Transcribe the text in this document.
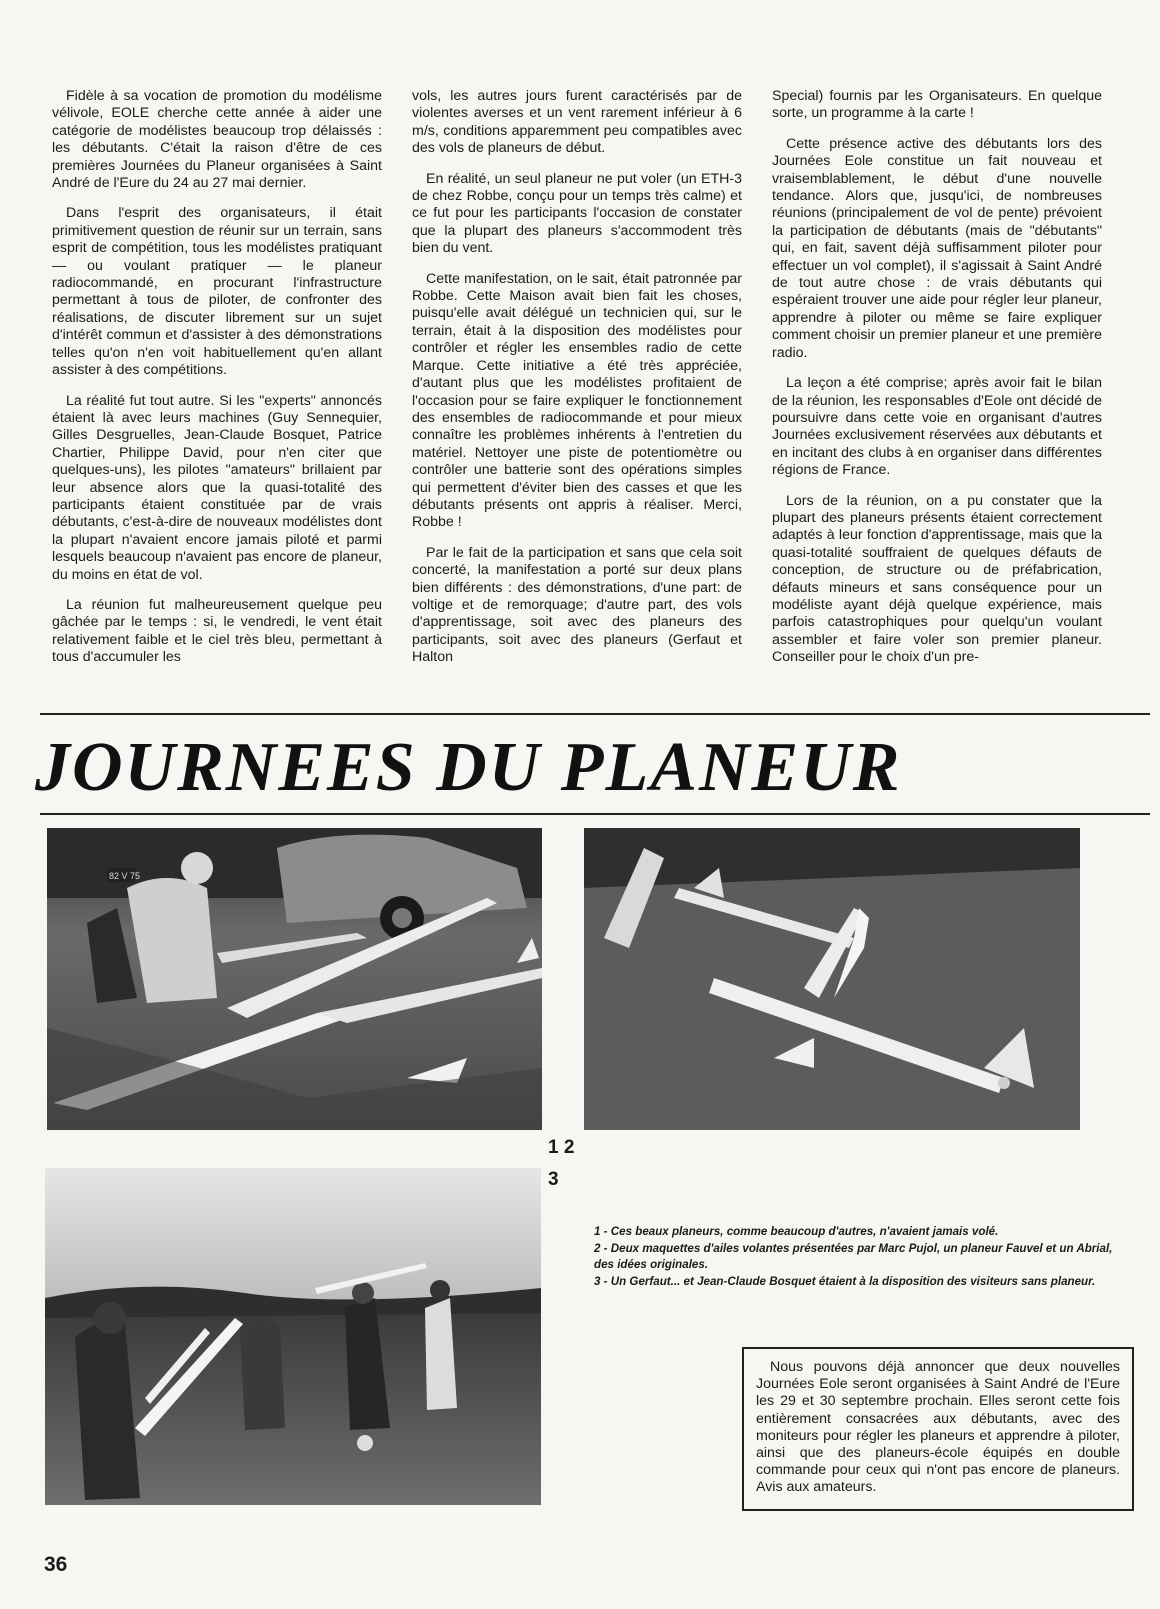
Fidèle à sa vocation de promotion du modélisme vélivole, EOLE cherche cette année à aider une catégorie de modélistes beaucoup trop délaissés : les débutants. C'était la raison d'être de ces premières Journées du Planeur organisées à Saint André de l'Eure du 24 au 27 mai dernier.

Dans l'esprit des organisateurs, il était primitivement question de réunir sur un terrain, sans esprit de compétition, tous les modélistes pratiquant — ou voulant pratiquer — le planeur radiocommandé, en procurant l'infrastructure permettant à tous de piloter, de confronter des réalisations, de discuter librement sur un sujet d'intérêt commun et d'assister à des démonstrations telles qu'on n'en voit habituellement qu'en allant assister à des compétitions.

La réalité fut tout autre. Si les "experts" annoncés étaient là avec leurs machines (Guy Sennequier, Gilles Desgruelles, Jean-Claude Bosquet, Patrice Chartier, Philippe David, pour n'en citer que quelques-uns), les pilotes "amateurs" brillaient par leur absence alors que la quasi-totalité des participants étaient constituée par de vrais débutants, c'est-à-dire de nouveaux modélistes dont la plupart n'avaient encore jamais piloté et parmi lesquels beaucoup n'avaient pas encore de planeur, du moins en état de vol.

La réunion fut malheureusement quelque peu gâchée par le temps : si, le vendredi, le vent était relativement faible et le ciel très bleu, permettant à tous d'accumuler les

vols, les autres jours furent caractérisés par de violentes averses et un vent rarement inférieur à 6 m/s, conditions apparemment peu compatibles avec des vols de planeurs de début.

En réalité, un seul planeur ne put voler (un ETH-3 de chez Robbe, conçu pour un temps très calme) et ce fut pour les participants l'occasion de constater que la plupart des planeurs s'accommodent très bien du vent.

Cette manifestation, on le sait, était patronnée par Robbe. Cette Maison avait bien fait les choses, puisqu'elle avait délégué un technicien qui, sur le terrain, était à la disposition des modélistes pour contrôler et régler les ensembles radio de cette Marque. Cette initiative a été très appréciée, d'autant plus que les modélistes profitaient de l'occasion pour se faire expliquer le fonctionnement des ensembles de radiocommande et pour mieux connaître les problèmes inhérents à l'entretien du matériel. Nettoyer une piste de potentiomètre ou contrôler une batterie sont des opérations simples qui permettent d'éviter bien des casses et que les débutants présents ont appris à réaliser. Merci, Robbe !

Par le fait de la participation et sans que cela soit concerté, la manifestation a porté sur deux plans bien différents : des démonstrations, d'une part: de voltige et de remorquage; d'autre part, des vols d'apprentissage, soit avec des planeurs des participants, soit avec des planeurs (Gerfaut et Halton

Special) fournis par les Organisateurs. En quelque sorte, un programme à la carte !

Cette présence active des débutants lors des Journées Eole constitue un fait nouveau et vraisemblablement, le début d'une nouvelle tendance. Alors que, jusqu'ici, de nombreuses réunions (principalement de vol de pente) prévoient la participation de débutants (mais de "débutants" qui, en fait, savent déjà suffisamment piloter pour effectuer un vol complet), il s'agissait à Saint André de tout autre chose : de vrais débutants qui espéraient trouver une aide pour régler leur planeur, apprendre à piloter ou même se faire expliquer comment choisir un premier planeur et une première radio.

La leçon a été comprise; après avoir fait le bilan de la réunion, les responsables d'Eole ont décidé de poursuivre dans cette voie en organisant d'autres Journées exclusivement réservées aux débutants et en incitant des clubs à en organiser dans différentes régions de France.

Lors de la réunion, on a pu constater que la plupart des planeurs présents étaient correctement adaptés à leur fonction d'apprentissage, mais que la quasi-totalité souffraient de quelques défauts de conception, de structure ou de préfabrication, défauts mineurs et sans conséquence pour un modéliste ayant déjà quelque expérience, mais parfois catastrophiques pour quelqu'un voulant assembler et faire voler son premier planeur. Conseiller pour le choix d'un pre-

JOURNEES DU PLANEUR
82 V 75
1 2
3

1 - Ces beaux planeurs, comme beaucoup d'autres, n'avaient jamais volé.

2 - Deux maquettes d'ailes volantes présentées par Marc Pujol, un planeur Fauvel et un Abrial, des idées originales.

3 - Un Gerfaut... et Jean-Claude Bosquet étaient à la disposition des visiteurs sans planeur.

Nous pouvons déjà annoncer que deux nouvelles Journées Eole seront organisées à Saint André de l'Eure les 29 et 30 septembre prochain. Elles seront cette fois entièrement consacrées aux débutants, avec des moniteurs pour régler les planeurs et apprendre à piloter, ainsi que des planeurs-école équipés en double commande pour ceux qui n'ont pas encore de planeurs. Avis aux amateurs.

36
